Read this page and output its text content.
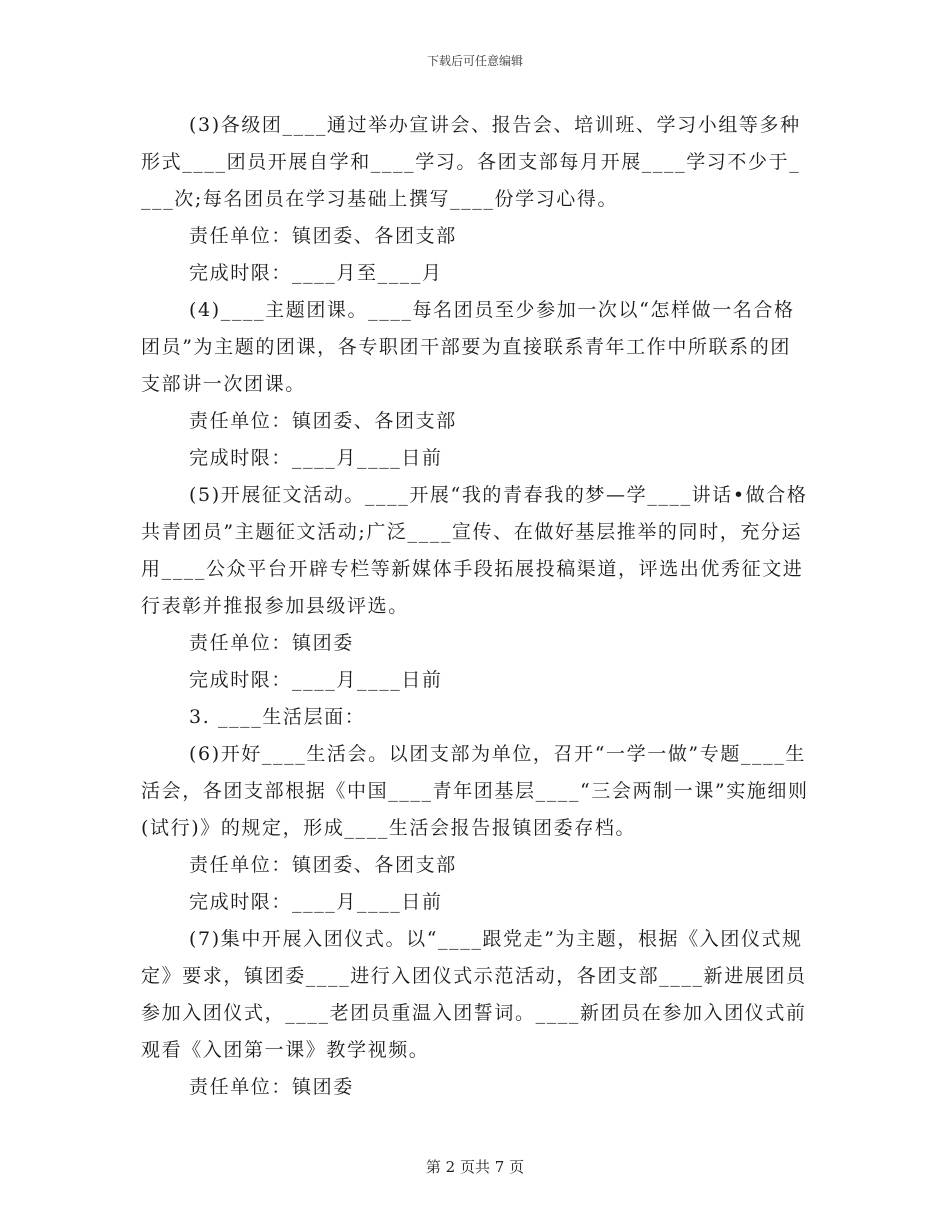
下载后可任意编辑

(3)各级团____通过举办宣讲会、报告会、培训班、学习小组等多种形式____团员开展自学和____学习。各团支部每月开展____学习不少于____次;每名团员在学习基础上撰写____份学习心得。

责任单位：镇团委、各团支部

完成时限：____月至____月

(4)____主题团课。____每名团员至少参加一次以“怎样做一名合格团员”为主题的团课，各专职团干部要为直接联系青年工作中所联系的团支部讲一次团课。

责任单位：镇团委、各团支部

完成时限：____月____日前

(5)开展征文活动。____开展“我的青春我的梦—学____讲话•做合格共青团员”主题征文活动;广泛____宣传、在做好基层推举的同时，充分运用____公众平台开辟专栏等新媒体手段拓展投稿渠道，评选出优秀征文进行表彰并推报参加县级评选。

责任单位：镇团委

完成时限：____月____日前

3. ____生活层面：

(6)开好____生活会。以团支部为单位，召开“一学一做”专题____生活会，各团支部根据《中国____青年团基层____“三会两制一课”实施细则(试行)》的规定，形成____生活会报告报镇团委存档。

责任单位：镇团委、各团支部

完成时限：____月____日前

(7)集中开展入团仪式。以“____跟党走”为主题，根据《入团仪式规定》要求，镇团委____进行入团仪式示范活动，各团支部____新进展团员参加入团仪式，____老团员重温入团誓词。____新团员在参加入团仪式前观看《入团第一课》教学视频。

责任单位：镇团委

第 2 页共 7 页
